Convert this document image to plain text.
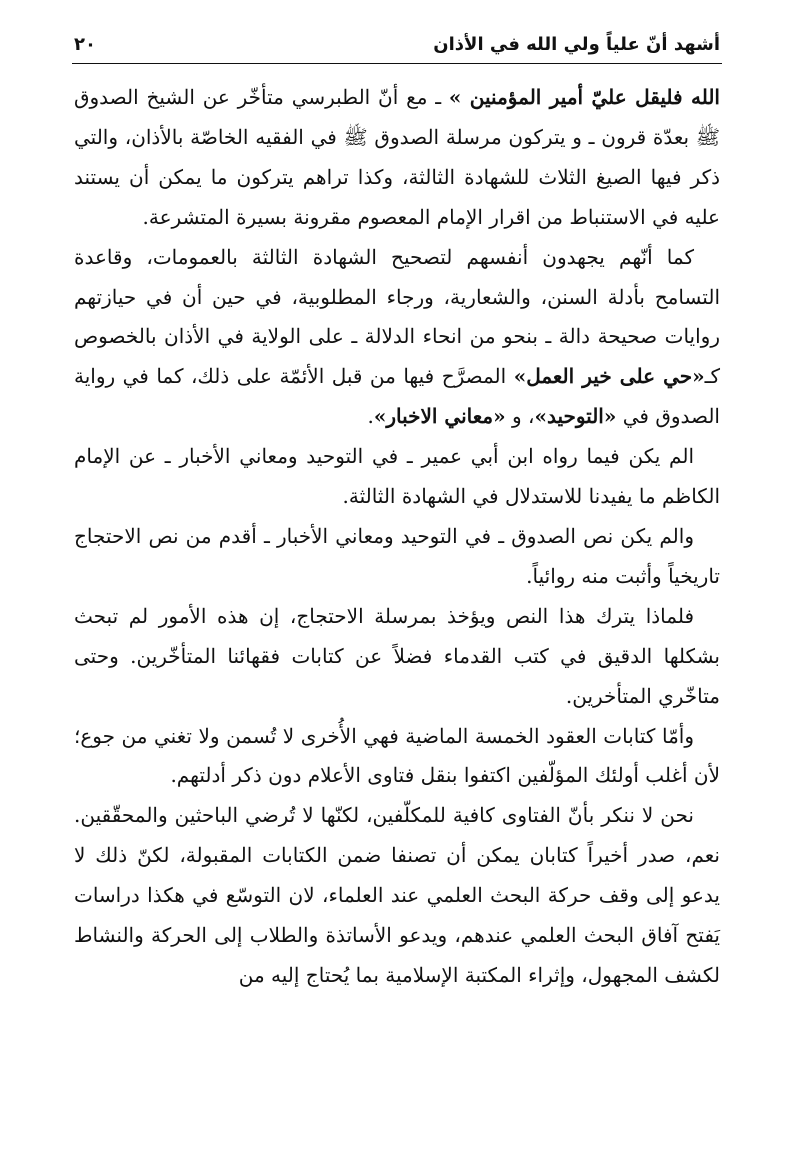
أشهد أنّ علياً ولي الله في الأذان
٢٠

الله فليقل عليّ أمير المؤمنين » ـ مع أنّ الطبرسي متأخّر عن الشيخ الصدوق ﷺ بعدّة قرون ـ و يتركون مرسلة الصدوق ﷺ في الفقيه الخاصّة بالأذان، والتي ذكر فيها الصيغ الثلاث للشهادة الثالثة، وكذا تراهم يتركون ما يمكن أن يستند عليه في الاستنباط من اقرار الإمام المعصوم مقرونة بسيرة المتشرعة.

كما أنّهم يجهدون أنفسهم لتصحيح الشهادة الثالثة بالعمومات، وقاعدة التسامح بأدلة السنن، والشعارية، ورجاء المطلوبية، في حين أن في حيازتهم روايات صحيحة دالة ـ بنحو من انحاء الدلالة ـ على الولاية في الأذان بالخصوص كـ«حي على خير العمل» المصرَّح فيها من قبل الأئمّة على ذلك، كما في رواية الصدوق في «التوحيد»، و «معاني الاخبار».

الم يكن فيما رواه ابن أبي عمير ـ في التوحيد ومعاني الأخبار ـ عن الإمام الكاظم ما يفيدنا للاستدلال في الشهادة الثالثة.

والم يكن نص الصدوق ـ في التوحيد ومعاني الأخبار ـ أقدم من نص الاحتجاج تاريخياً وأثبت منه روائياً.

فلماذا يترك هذا النص ويؤخذ بمرسلة الاحتجاج، إن هذه الأمور لم تبحث بشكلها الدقيق في كتب القدماء فضلاً عن كتابات فقهائنا المتأخّرين. وحتى متاخّري المتأخرين.

وأمّا كتابات العقود الخمسة الماضية فهي الأُخرى لا تُسمن ولا تغني من جوع؛ لأن أغلب أولئك المؤلّفين اكتفوا بنقل فتاوى الأعلام دون ذكر أدلتهم.

نحن لا ننكر بأنّ الفتاوى كافية للمكلّفين، لكنّها لا تُرضي الباحثين والمحقّقين. نعم، صدر أخيراً كتابان يمكن أن تصنفا ضمن الكتابات المقبولة، لكنّ ذلك لا يدعو إلى وقف حركة البحث العلمي عند العلماء، لان التوسّع في هكذا دراسات يَفتح آفاق البحث العلمي عندهم، ويدعو الأساتذة والطلاب إلى الحركة والنشاط لكشف المجهول، وإثراء المكتبة الإسلامية بما يُحتاج إليه من
